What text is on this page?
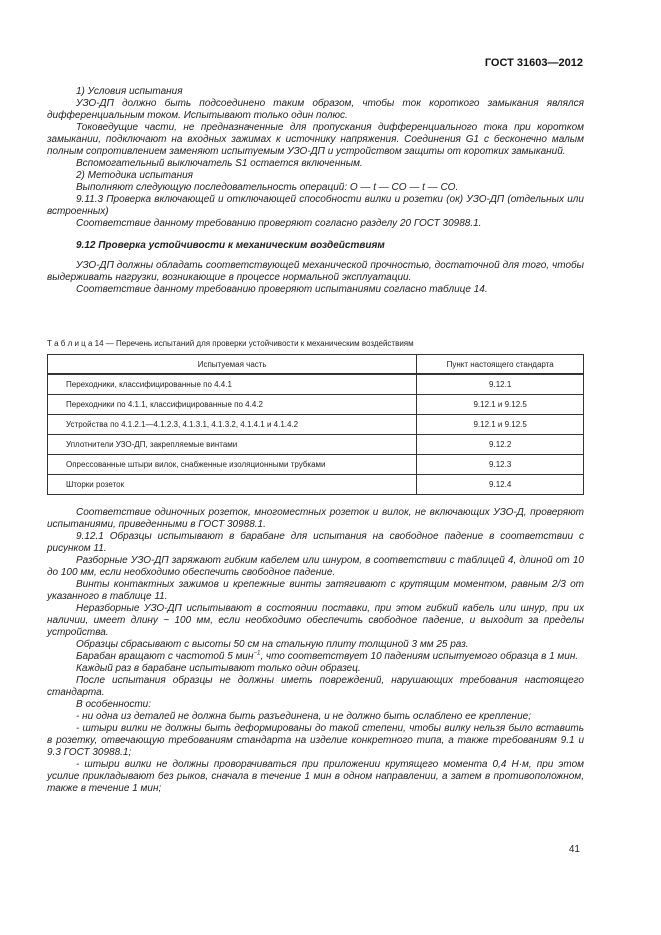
ГОСТ 31603—2012

1) Условия испытания

УЗО-ДП должно быть подсоединено таким образом, чтобы ток короткого замыкания являлся дифференциальным током. Испытывают только один полюс.

Токоведущие части, не предназначенные для пропускания дифференциального тока при коротком замыкании, подключают на входных зажимах к источнику напряжения. Соединения G1 с бесконечно малым полным сопротивлением заменяют испытуемым УЗО-ДП и устройством защиты от коротких замыканий.

Вспомогательный выключатель S1 остается включенным.

2) Методика испытания

Выполняют следующую последовательность операций: O — t — CO — t — CO.

9.11.3 Проверка включающей и отключающей способности вилки и розетки (ок) УЗО-ДП (отдельных или встроенных)

Соответствие данному требованию проверяют согласно разделу 20 ГОСТ 30988.1.

9.12 Проверка устойчивости к механическим воздействиям

УЗО-ДП должны обладать соответствующей механической прочностью, достаточной для того, чтобы выдерживать нагрузки, возникающие в процессе нормальной эксплуатации.

Соответствие данному требованию проверяют испытаниями согласно таблице 14.

Т а б л и ц а 14 — Перечень испытаний для проверки устойчивости к механическим воздействиям
Испытуемая часть	Пункт настоящего стандарта
Переходники, классифицированные по 4.4.1	9.12.1
Переходники по 4.1.1, классифицированные по 4.4.2	9.12.1 и 9.12.5
Устройства по 4.1.2.1—4.1.2.3, 4.1.3.1, 4.1.3.2, 4.1.4.1 и 4.1.4.2	9.12.1 и 9.12.5
Уплотнители УЗО-ДП, закрепляемые винтами	9.12.2
Опрессованные штыри вилок, снабженные изоляционными трубками	9.12.3
Шторки розеток	9.12.4

Соответствие одиночных розеток, многоместных розеток и вилок, не включающих УЗО-Д, проверяют испытаниями, приведенными в ГОСТ 30988.1.

9.12.1 Образцы испытывают в барабане для испытания на свободное падение в соответствии с рисунком 11.

Разборные УЗО-ДП заряжают гибким кабелем или шнуром, в соответствии с таблицей 4, длиной от 10 до 100 мм, если необходимо обеспечить свободное падение.

Винты контактных зажимов и крепежные винты затягивают с крутящим моментом, равным 2/3 от указанного в таблице 11.

Неразборные УЗО-ДП испытывают в состоянии поставки, при этом гибкий кабель или шнур, при их наличии, имеет длину ~ 100 мм, если необходимо обеспечить свободное падение, и выходит за пределы устройства.

Образцы сбрасывают с высоты 50 см на стальную плиту толщиной 3 мм 25 раз.

Барабан вращают с частотой 5 мин$^{-1}$, что соответствует 10 падениям испытуемого образца в 1 мин.

Каждый раз в барабане испытывают только один образец.

После испытания образцы не должны иметь повреждений, нарушающих требования настоящего стандарта.

В особенности:

- ни одна из деталей не должна быть разъединена, и не должно быть ослаблено ее крепление;

- штыри вилки не должны быть деформированы до такой степени, чтобы вилку нельзя было вставить в розетку, отвечающую требованиям стандарта на изделие конкретного типа, а также требованиям 9.1 и 9.3 ГОСТ 30988.1;

- штыри вилки не должны проворачиваться при приложении крутящего момента 0,4 Н·м, при этом усилие прикладывают без рыков, сначала в течение 1 мин в одном направлении, а затем в противоположном, также в течение 1 мин;

41
